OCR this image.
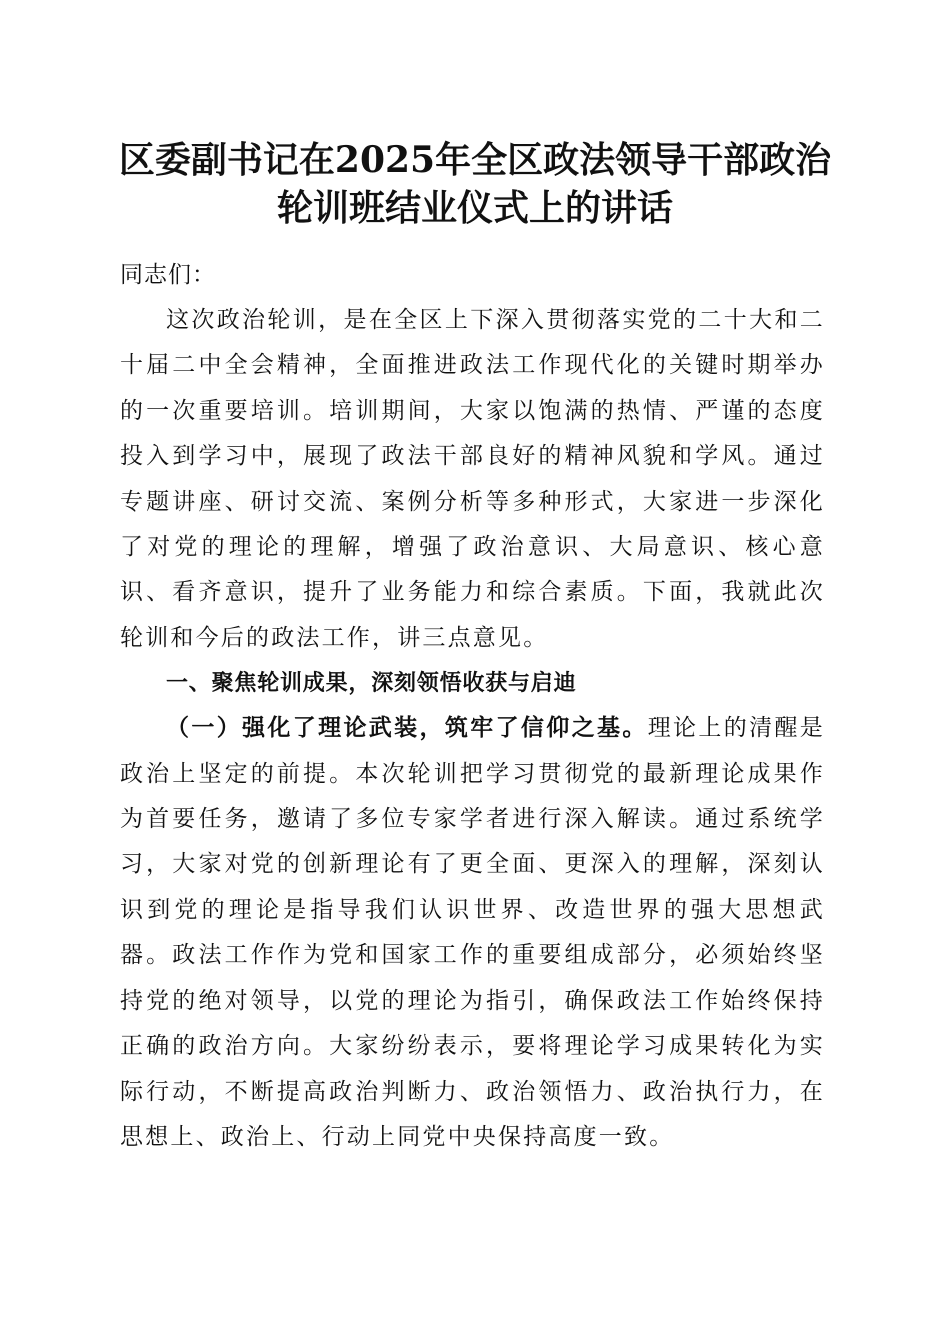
区委副书记在2025年全区政法领导干部政治
轮训班结业仪式上的讲话

同志们：

这次政治轮训，是在全区上下深入贯彻落实党的二十大和二十届二中全会精神，全面推进政法工作现代化的关键时期举办的一次重要培训。培训期间，大家以饱满的热情、严谨的态度投入到学习中，展现了政法干部良好的精神风貌和学风。通过专题讲座、研讨交流、案例分析等多种形式，大家进一步深化了对党的理论的理解，增强了政治意识、大局意识、核心意识、看齐意识，提升了业务能力和综合素质。下面，我就此次轮训和今后的政法工作，讲三点意见。

一、聚焦轮训成果，深刻领悟收获与启迪

（一）强化了理论武装，筑牢了信仰之基。理论上的清醒是政治上坚定的前提。本次轮训把学习贯彻党的最新理论成果作为首要任务，邀请了多位专家学者进行深入解读。通过系统学习，大家对党的创新理论有了更全面、更深入的理解，深刻认识到党的理论是指导我们认识世界、改造世界的强大思想武器。政法工作作为党和国家工作的重要组成部分，必须始终坚持党的绝对领导，以党的理论为指引，确保政法工作始终保持正确的政治方向。大家纷纷表示，要将理论学习成果转化为实际行动，不断提高政治判断力、政治领悟力、政治执行力，在思想上、政治上、行动上同党中央保持高度一致。
